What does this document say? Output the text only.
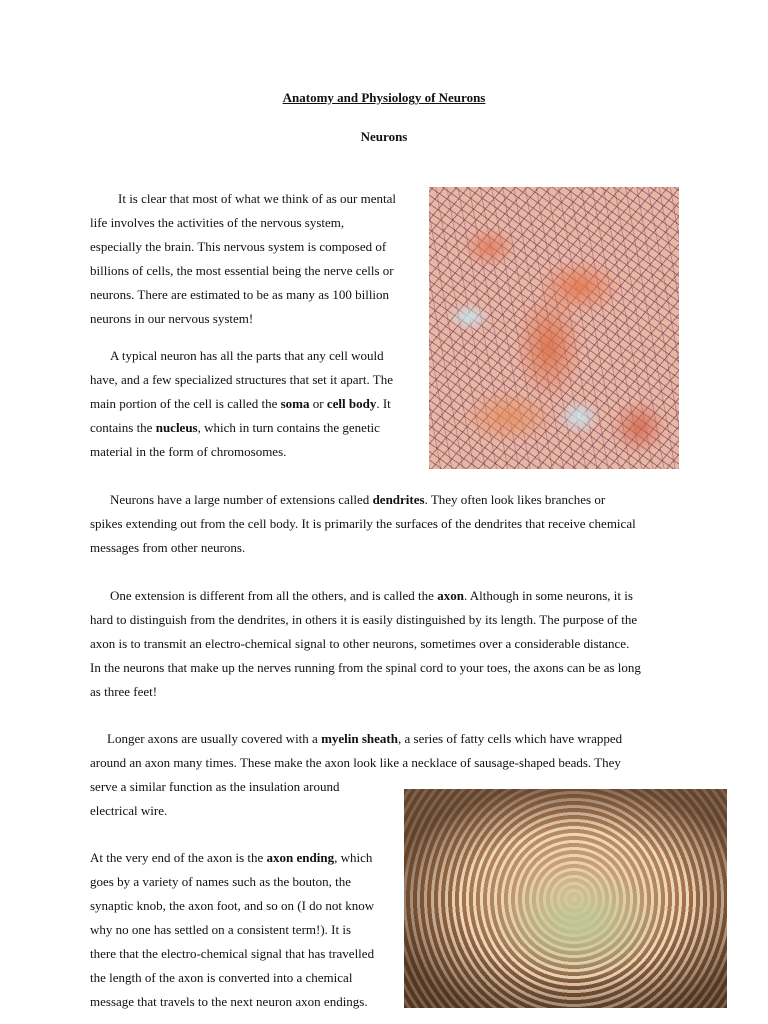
Anatomy and Physiology of Neurons
Neurons

It is clear that most of what we think of as our mental
life involves the activities of the nervous system,
especially the brain. This nervous system is composed of
billions of cells, the most essential being the nerve cells or
neurons. There are estimated to be as many as 100 billion
neurons in our nervous system!

A typical neuron has all the parts that any cell would
have, and a few specialized structures that set it apart. The
main portion of the cell is called the soma or cell body. It
contains the nucleus, which in turn contains the genetic
material in the form of chromosomes.

Neurons have a large number of extensions called dendrites. They often look likes branches or
spikes extending out from the cell body. It is primarily the surfaces of the dendrites that receive chemical
messages from other neurons.

One extension is different from all the others, and is called the axon. Although in some neurons, it is
hard to distinguish from the dendrites, in others it is easily distinguished by its length. The purpose of the
axon is to transmit an electro-chemical signal to other neurons, sometimes over a considerable distance.
In the neurons that make up the nerves running from the spinal cord to your toes, the axons can be as long
as three feet!

Longer axons are usually covered with a myelin sheath, a series of fatty cells which have wrapped
around an axon many times. These make the axon look like a necklace of sausage-shaped beads. They
serve a similar function as the insulation around
electrical wire.

At the very end of the axon is the axon ending, which
goes by a variety of names such as the bouton, the
synaptic knob, the axon foot, and so on (I do not know
why no one has settled on a consistent term!). It is
there that the electro-chemical signal that has travelled
the length of the axon is converted into a chemical
message that travels to the next neuron axon endings.
